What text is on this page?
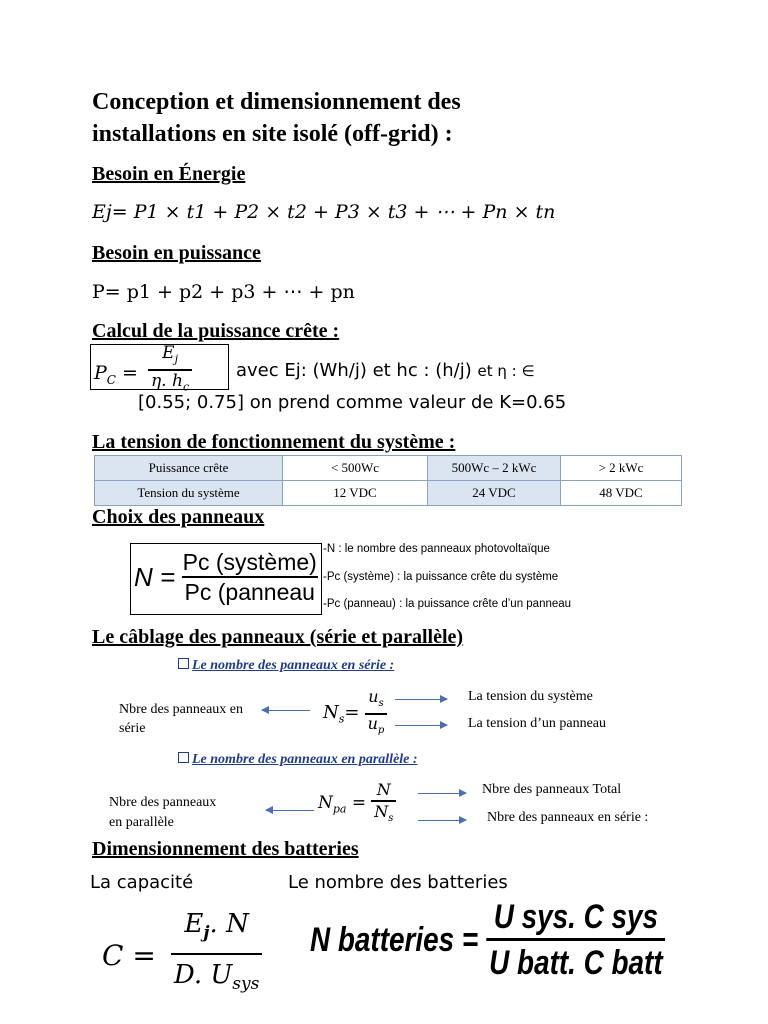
Conception et dimensionnement des
installations en site isolé (off-grid) :
Besoin en Énergie
Ej= P1 × t1 + P2 × t2 + P3 × t3 + ⋯ + Pn × tn
Besoin en puissance
P= p1 + p2 + p3 + ⋯ + pn
Calcul de la puissance crête :
$P_C = \frac{E_j}{\eta. h_c}$ avec Ej: (Wh/j) et hc : (h/j) et η : ∈
[0.55; 0.75] on prend comme valeur de K=0.65
La tension de fonctionnement du système :
Puissance crête	< 500Wc	500Wc – 2 kWc	> 2 kWc
Tension du système	12 VDC	24 VDC	48 VDC
Choix des panneaux
$N = \frac{\text{Pc (système)}}{\text{Pc (panneau}} -N$ : le nombre des panneaux photovoltaïque
-Pc (système) : la puissance crête du système
-Pc (panneau) : la puissance crête d’un panneau
Le câblage des panneaux (série et parallèle)
Le nombre des panneaux en série :
Nbre des panneaux en
série
$N_s= \frac{u_s}{u_p}$	La tension du système
La tension d’un panneau
Le nombre des panneaux en parallèle :
Nbre des panneaux
en parallèle
$N_{pa} = \frac{N}{N_s}$	Nbre des panneaux Total
Nbre des panneaux en série :
Dimensionnement des batteries
La capacité	Le nombre des batteries
$C = \frac{E_j. N}{D. U_{sys}}$ N batteries = $\frac{\text{U sys. C sys}}{\text{U batt. C batt}}$
